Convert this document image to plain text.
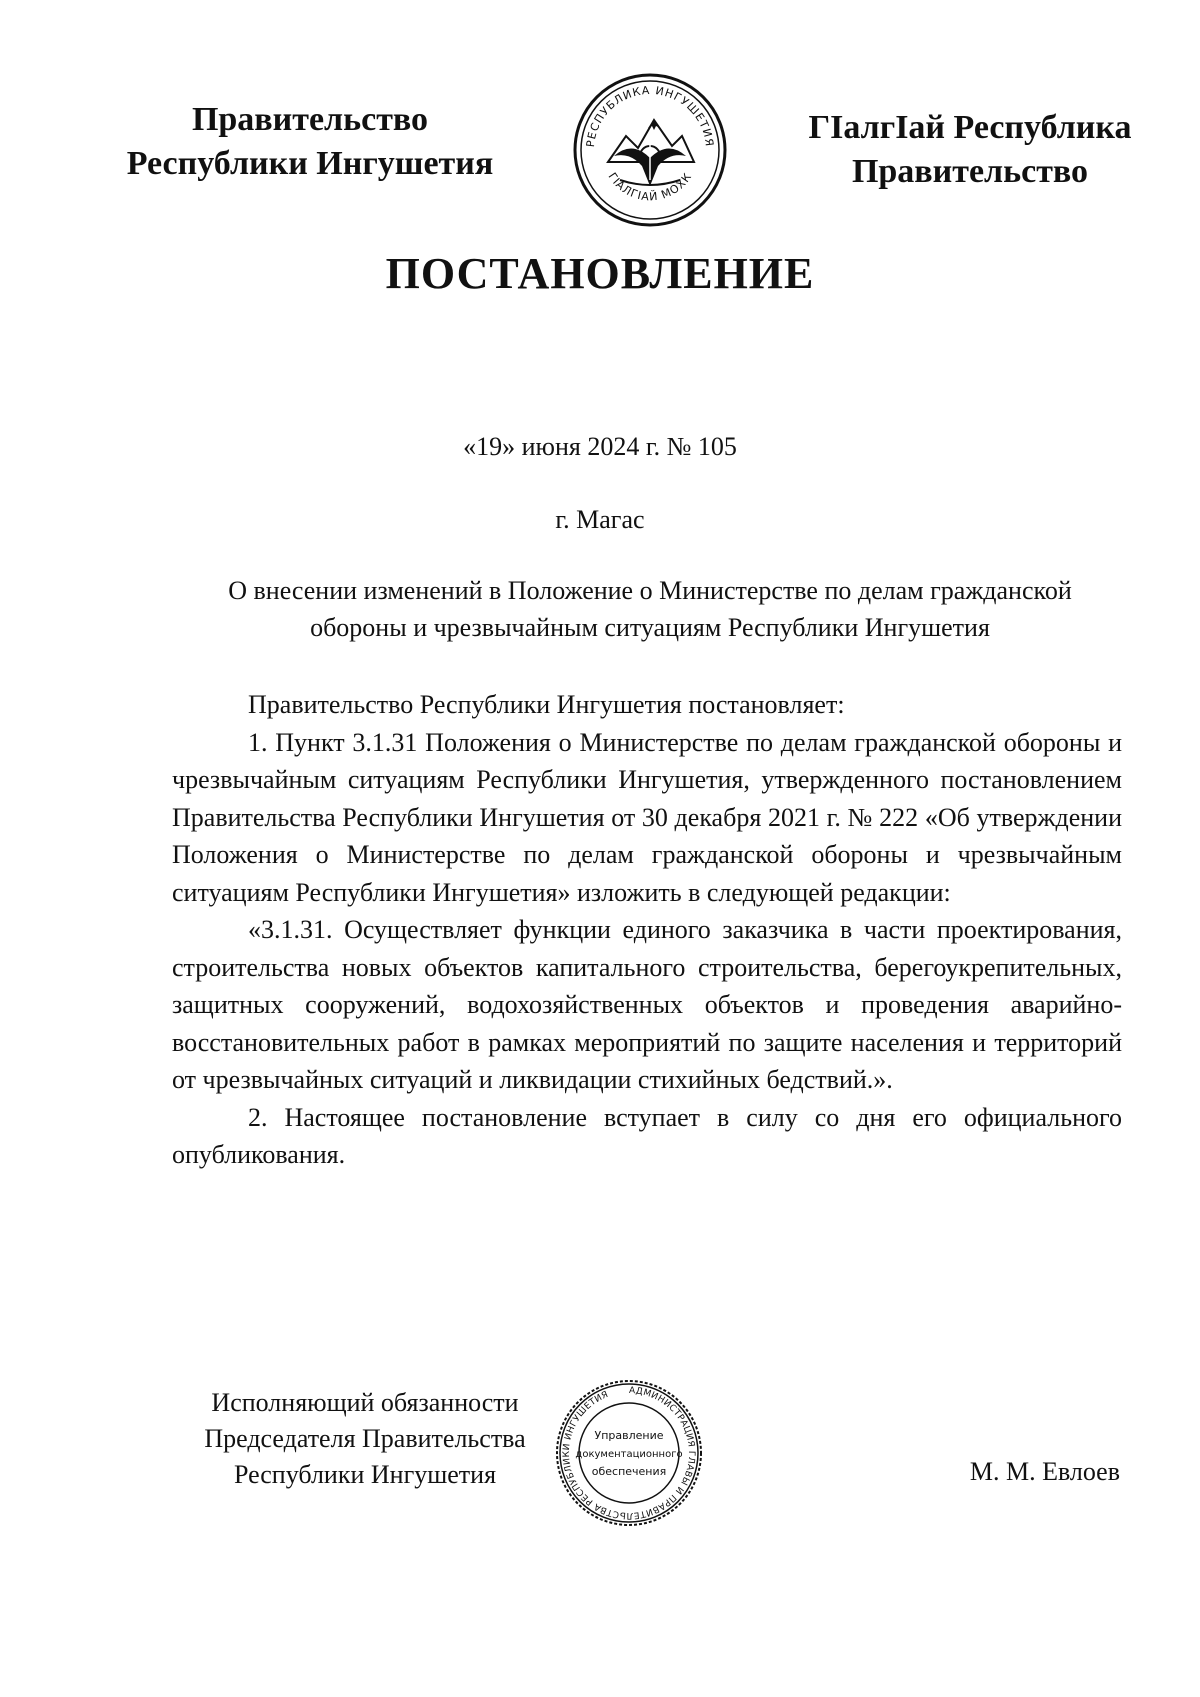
Правительство
Республики Ингушетия
РЕСПУБЛИКА ИНГУШЕТИЯ
ГIАЛГIАЙ МОХК
ГIалгIай Республика
Правительство
ПОСТАНОВЛЕНИЕ
«19» июня 2024 г. № 105
г. Магас
О внесении изменений в Положение о Министерстве по делам гражданской
обороны и чрезвычайным ситуациям Республики Ингушетия

Правительство Республики Ингушетия постановляет:

1. Пункт 3.1.31 Положения о Министерстве по делам гражданской обороны и чрезвычайным ситуациям Республики Ингушетия, утвержденного постановлением Правительства Республики Ингушетия от 30 декабря 2021 г. № 222 «Об утверждении Положения о Министерстве по делам гражданской обороны и чрезвычайным ситуациям Республики Ингушетия» изложить в следующей редакции:

«3.1.31. Осуществляет функции единого заказчика в части проектирования, строительства новых объектов капитального строительства, берегоукрепительных, защитных сооружений, водохозяйственных объектов и проведения аварийно-восстановительных работ в рамках мероприятий по защите населения и территорий от чрезвычайных ситуаций и ликвидации стихийных бедствий.».

2. Настоящее постановление вступает в силу со дня его официального опубликования.

Исполняющий обязанности
Председателя Правительства
Республики Ингушетия
АДМИНИСТРАЦИЯ ГЛАВЫ И ПРАВИТЕЛЬСТВА РЕСПУБЛИКИ ИНГУШЕТИЯ
Управление
документационного
обеспечения	М. М. Евлоев
